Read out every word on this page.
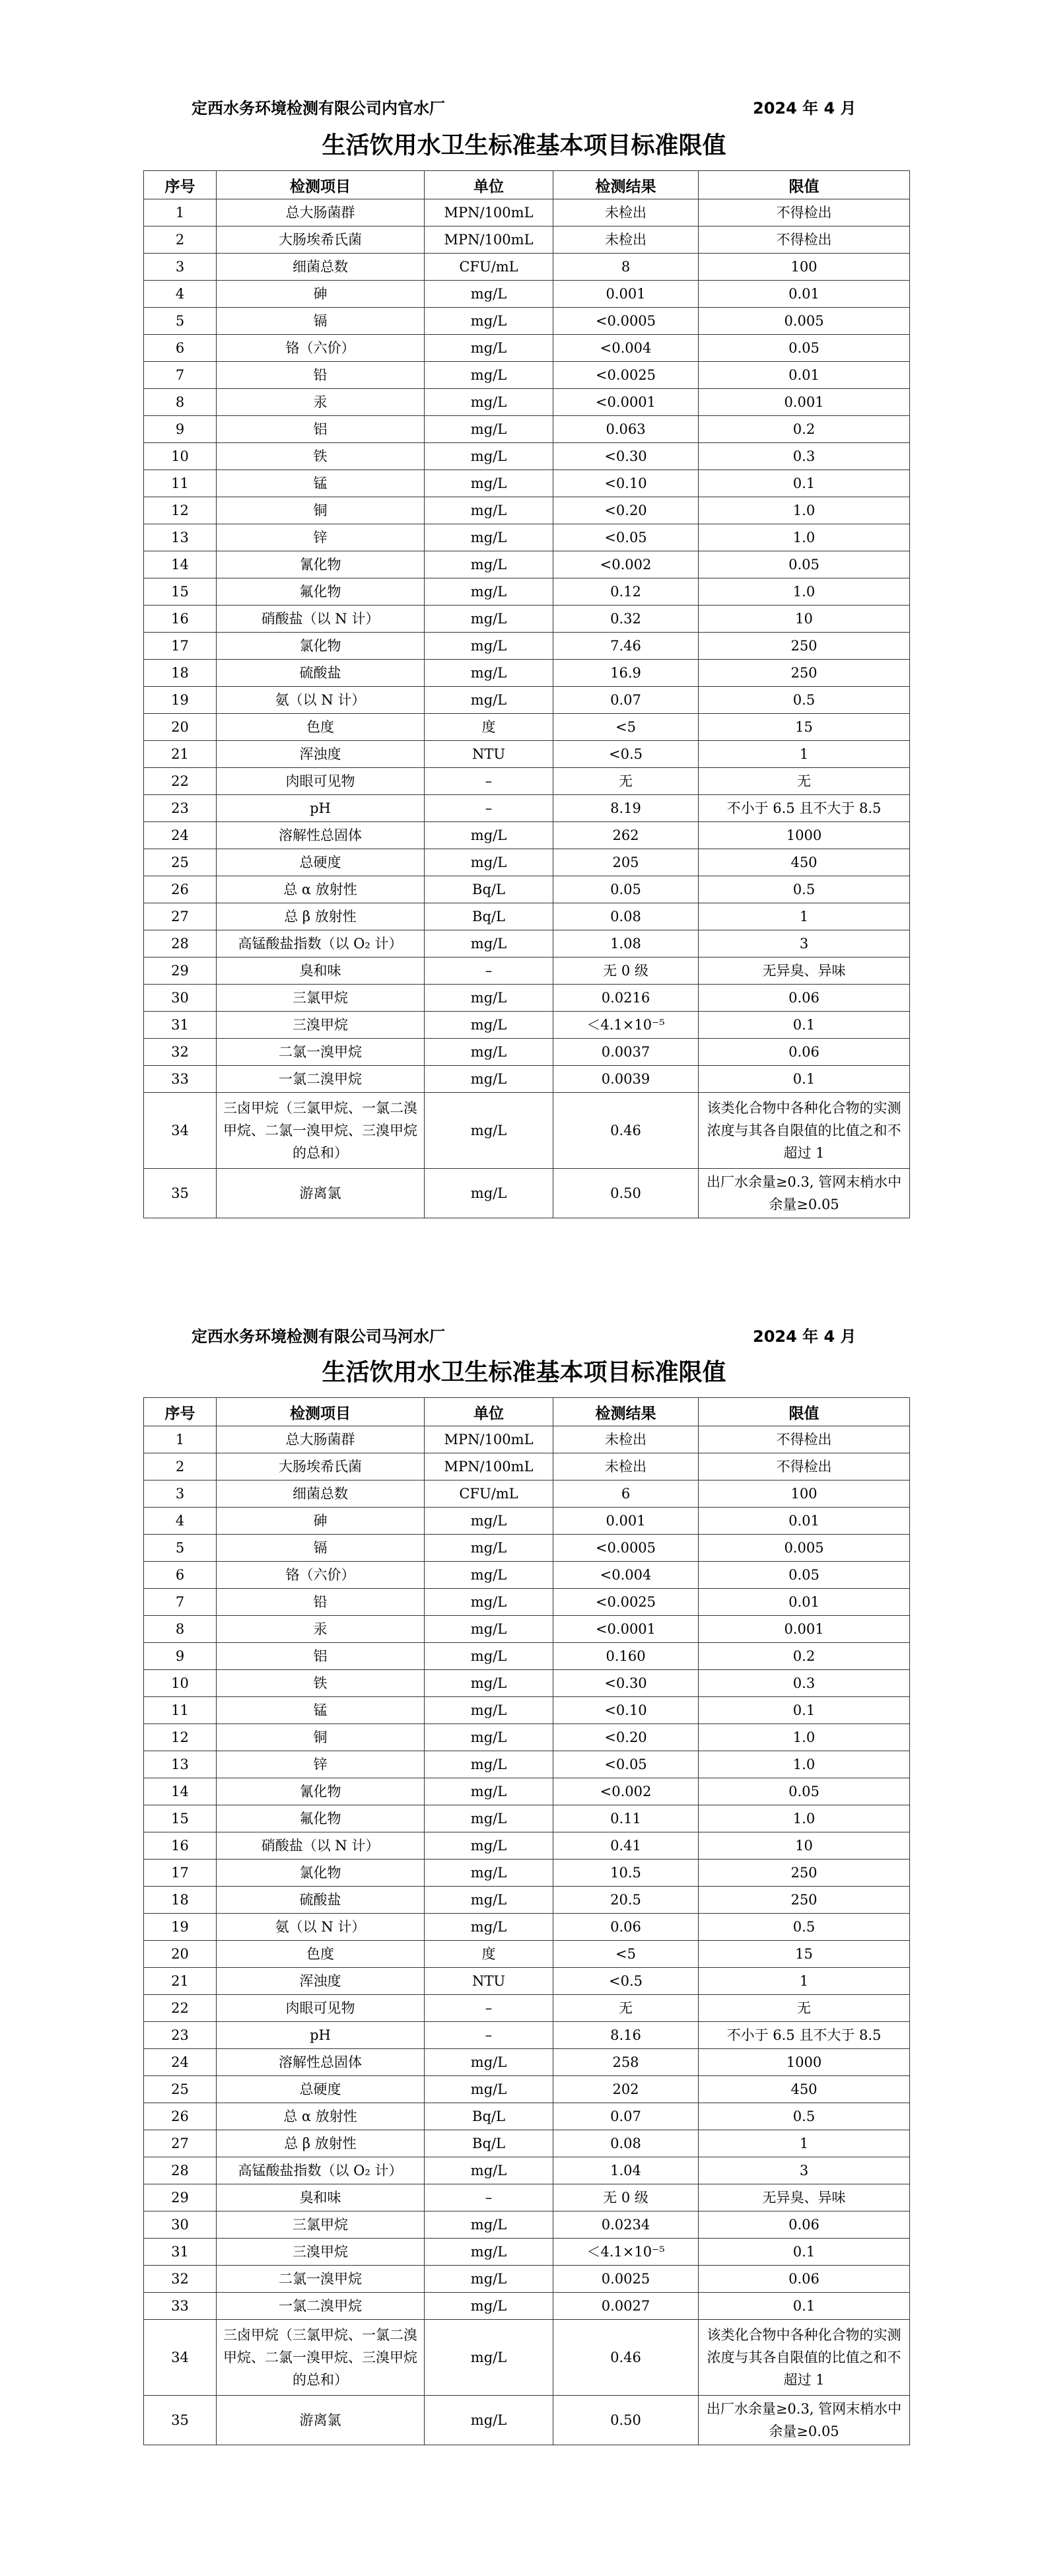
定西水务环境检测有限公司内官水厂	2024 年 4 月
生活饮用水卫生标准基本项目标准限值
序号	检测项目	单位	检测结果	限值
1	总大肠菌群	MPN/100mL	未检出	不得检出
2	大肠埃希氏菌	MPN/100mL	未检出	不得检出
3	细菌总数	CFU/mL	8	100
4	砷	mg/L	0.001	0.01
5	镉	mg/L	<0.0005	0.005
6	铬（六价）	mg/L	<0.004	0.05
7	铅	mg/L	<0.0025	0.01
8	汞	mg/L	<0.0001	0.001
9	铝	mg/L	0.063	0.2
10	铁	mg/L	<0.30	0.3
11	锰	mg/L	<0.10	0.1
12	铜	mg/L	<0.20	1.0
13	锌	mg/L	<0.05	1.0
14	氰化物	mg/L	<0.002	0.05
15	氟化物	mg/L	0.12	1.0
16	硝酸盐（以 N 计）	mg/L	0.32	10
17	氯化物	mg/L	7.46	250
18	硫酸盐	mg/L	16.9	250
19	氨（以 N 计）	mg/L	0.07	0.5
20	色度	度	<5	15
21	浑浊度	NTU	<0.5	1
22	肉眼可见物	–	无	无
23	pH	–	8.19	不小于 6.5 且不大于 8.5
24	溶解性总固体	mg/L	262	1000
25	总硬度	mg/L	205	450
26	总 α 放射性	Bq/L	0.05	0.5
27	总 β 放射性	Bq/L	0.08	1
28	高锰酸盐指数（以 O₂ 计）	mg/L	1.08	3
29	臭和味	–	无 0 级	无异臭、异味
30	三氯甲烷	mg/L	0.0216	0.06
31	三溴甲烷	mg/L	＜4.1×10⁻⁵	0.1
32	二氯一溴甲烷	mg/L	0.0037	0.06
33	一氯二溴甲烷	mg/L	0.0039	0.1
34	三卤甲烷（三氯甲烷、一氯二溴甲烷、二氯一溴甲烷、三溴甲烷的总和）	mg/L	0.46	该类化合物中各种化合物的实测浓度与其各自限值的比值之和不超过 1
35	游离氯	mg/L	0.50	出厂水余量≥0.3, 管网末梢水中余量≥0.05
定西水务环境检测有限公司马河水厂	2024 年 4 月
生活饮用水卫生标准基本项目标准限值
序号	检测项目	单位	检测结果	限值
1	总大肠菌群	MPN/100mL	未检出	不得检出
2	大肠埃希氏菌	MPN/100mL	未检出	不得检出
3	细菌总数	CFU/mL	6	100
4	砷	mg/L	0.001	0.01
5	镉	mg/L	<0.0005	0.005
6	铬（六价）	mg/L	<0.004	0.05
7	铅	mg/L	<0.0025	0.01
8	汞	mg/L	<0.0001	0.001
9	铝	mg/L	0.160	0.2
10	铁	mg/L	<0.30	0.3
11	锰	mg/L	<0.10	0.1
12	铜	mg/L	<0.20	1.0
13	锌	mg/L	<0.05	1.0
14	氰化物	mg/L	<0.002	0.05
15	氟化物	mg/L	0.11	1.0
16	硝酸盐（以 N 计）	mg/L	0.41	10
17	氯化物	mg/L	10.5	250
18	硫酸盐	mg/L	20.5	250
19	氨（以 N 计）	mg/L	0.06	0.5
20	色度	度	<5	15
21	浑浊度	NTU	<0.5	1
22	肉眼可见物	–	无	无
23	pH	–	8.16	不小于 6.5 且不大于 8.5
24	溶解性总固体	mg/L	258	1000
25	总硬度	mg/L	202	450
26	总 α 放射性	Bq/L	0.07	0.5
27	总 β 放射性	Bq/L	0.08	1
28	高锰酸盐指数（以 O₂ 计）	mg/L	1.04	3
29	臭和味	–	无 0 级	无异臭、异味
30	三氯甲烷	mg/L	0.0234	0.06
31	三溴甲烷	mg/L	＜4.1×10⁻⁵	0.1
32	二氯一溴甲烷	mg/L	0.0025	0.06
33	一氯二溴甲烷	mg/L	0.0027	0.1
34	三卤甲烷（三氯甲烷、一氯二溴甲烷、二氯一溴甲烷、三溴甲烷的总和）	mg/L	0.46	该类化合物中各种化合物的实测浓度与其各自限值的比值之和不超过 1
35	游离氯	mg/L	0.50	出厂水余量≥0.3, 管网末梢水中余量≥0.05
